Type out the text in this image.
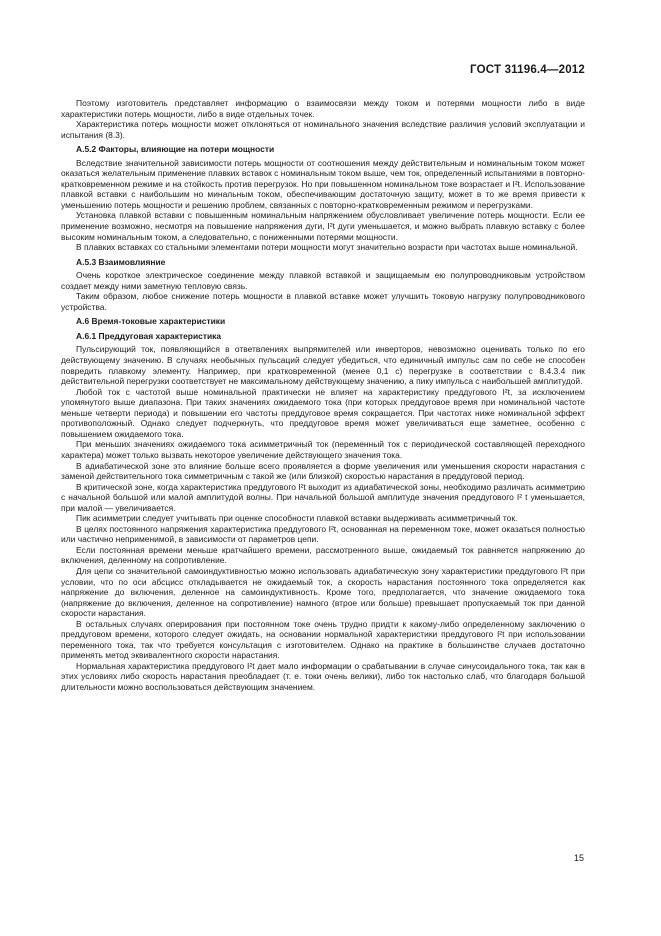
ГОСТ 31196.4—2012

Поэтому изготовитель представляет информацию о взаимосвязи между током и потерями мощности либо в виде характеристики потерь мощности, либо в виде отдельных точек.

Характеристика потерь мощности может отклоняться от номинального значения вследствие различия условий эксплуатации и испытания (8.3).

А.5.2 Факторы, влияющие на потери мощности

Вследствие значительной зависимости потерь мощности от соотношения между действительным и номинальным током может оказаться желательным применение плавких вставок с номинальным током выше, чем ток, определенный испытаниями в повторно-кратковременном режиме и на стойкость против перегрузок. Но при повышенном номинальном токе возрастает и I²t. Использование плавкой вставки с наибольшим но минальным током, обеспечивающим достаточную защиту, может в то же время привести к уменьшению потерь мощности и решению проблем, связанных с повторно-кратковременным режимом и перегрузками.

Установка плавкой вставки с повышенным номинальным напряжением обусловливает увеличение потерь мощности. Если ее применение возможно, несмотря на повышение напряжения дуги, I²t дуги уменьшается, и можно выбрать плавкую вставку с более высоким номинальным током, а следовательно, с пониженными потерями мощности.

В плавких вставках со стальными элементами потери мощности могут значительно возрасти при частотах выше номинальной.

А.5.3 Взаимовлияние

Очень короткое электрическое соединение между плавкой вставкой и защищаемым ею полупроводниковым устройством создает между ними заметную тепловую связь.

Таким образом, любое снижение потерь мощности в плавкой вставке может улучшить токовую нагрузку полупроводникового устройства.

А.6 Время-токовые характеристики

А.6.1 Преддуговая характеристика

Пульсирующий ток, появляющийся в ответвлениях выпрямителей или инверторов, невозможно оценивать только по его действующему значению. В случаях необычных пульсаций следует убедиться, что единичный импульс сам по себе не способен повредить плавкому элементу. Например, при кратковременной (менее 0,1 с) перегрузке в соответствии с 8.4.3.4 пик действительной перегрузки соответствует не максимальному действующему значению, а пику импульса с наибольшей амплитудой.

Любой ток с частотой выше номинальной практически не влияет на характеристику преддугового I²t, за исключением упомянутого выше диапазона. При таких значениях ожидаемого тока (при которых преддуговое время при номинальной частоте меньше четверти периода) и повышении его частоты преддуговое время сокращается. При частотах ниже номинальной эффект противоположный. Однако следует подчеркнуть, что преддуговое время может увеличиваться еще заметнее, особенно с повышением ожидаемого тока.

При меньших значениях ожидаемого тока асимметричный ток (переменный ток с периодической составляющей переходного характера) может только вызвать некоторое увеличение действующего значения тока.

В адиабатической зоне это влияние больше всего проявляется в форме увеличения или уменьшения скорости нарастания с заменой действительного тока симметричным с такой же (или близкой) скоростью нарастания в преддуговой период.

В критической зоне, когда характеристика преддугового I²t выходит из адиабатической зоны, необходимо различать асимметрию с начальной большой или малой амплитудой волны. При начальной большой амплитуде значения преддугового I² t уменьшается, при малой — увеличивается.

Пик асимметрии следует учитывать при оценке способности плавкой вставки выдерживать асимметричный ток.

В целях постоянного напряжения характеристика преддугового I²t, основанная на переменном токе, может оказаться полностью или частично неприменимой, в зависимости от параметров цепи.

Если постоянная времени меньше кратчайшего времени, рассмотренного выше, ожидаемый ток равняется напряжению до включения, деленному на сопротивление.

Для цепи со значительной самоиндуктивностью можно использовать адиабатическую зону характеристики преддугового I²t при условии, что по оси абсцисс откладывается не ожидаемый ток, а скорость нарастания постоянного тока определяется как напряжение до включения, деленное на самоиндуктивность. Кроме того, предполагается, что значение ожидаемого тока (напряжение до включения, деленное на сопротивление) намного (втрое или больше) превышает пропускаемый ток при данной скорости нарастания.

В остальных случаях оперирования при постоянном токе очень трудно придти к какому-либо определенному заключению о преддуговом времени, которого следует ожидать, на основании нормальной характеристики преддугового I²t при использовании переменного тока, так что требуется консультация с изготовителем. Однако на практике в большинстве случаев достаточно применять метод эквивалентного скорости нарастания.

Нормальная характеристика преддугового I²t дает мало информации о срабатывании в случае синусоидального тока, так как в этих условиях либо скорость нарастания преобладает (т. е. токи очень велики), либо ток настолько слаб, что благодаря большой длительности можно воспользоваться действующим значением.

15
